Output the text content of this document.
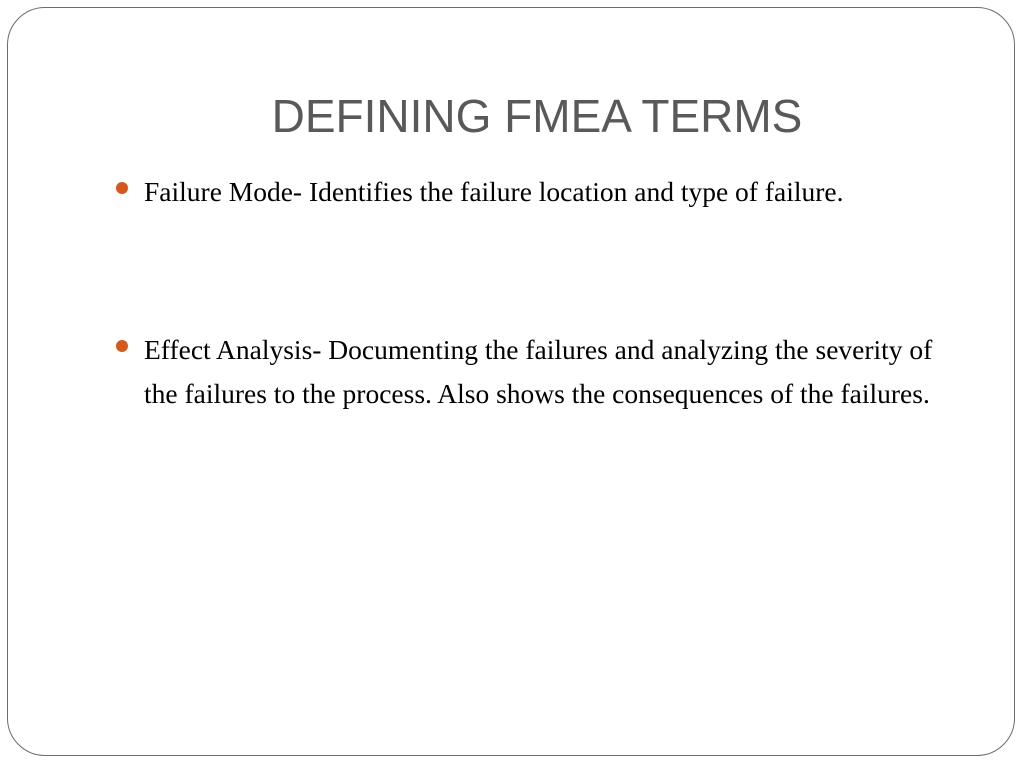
DEFINING FMEA TERMS
Failure Mode- Identifies the failure location and type of failure.
Effect Analysis- Documenting the failures and analyzing the severity of the failures to the process. Also shows the consequences of the failures.
